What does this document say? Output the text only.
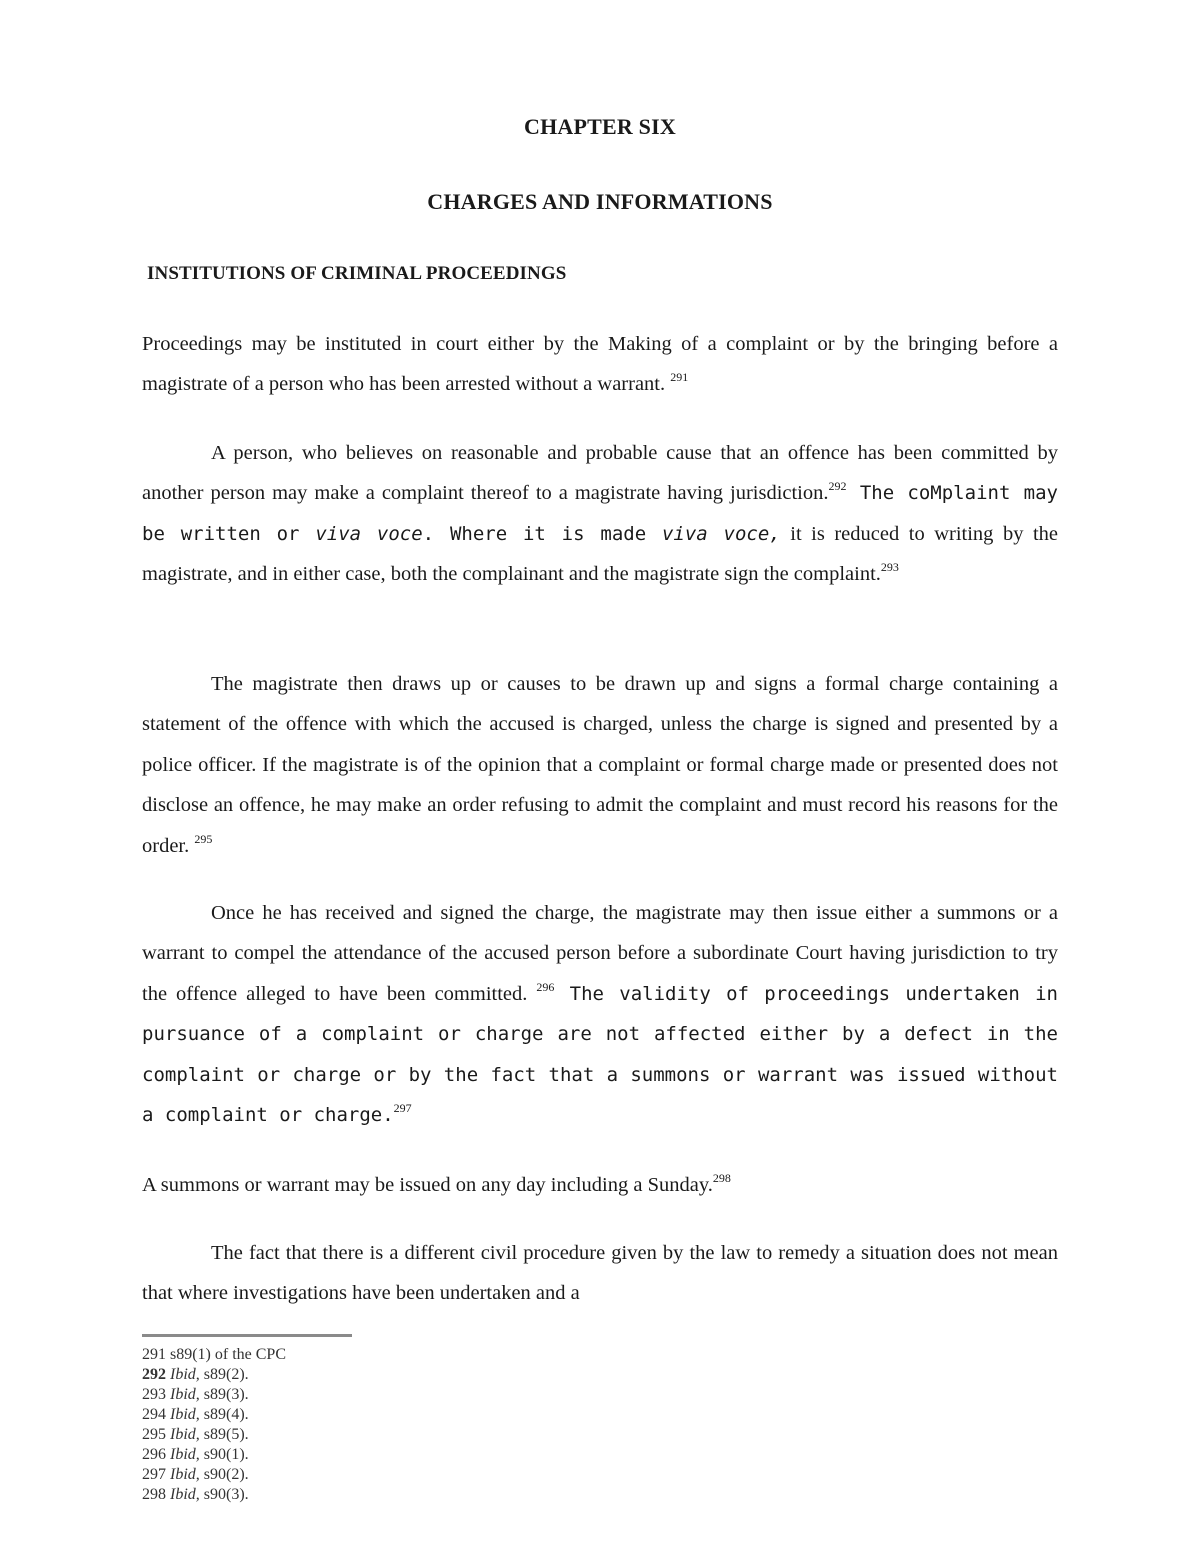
CHAPTER SIX
CHARGES AND INFORMATIONS
INSTITUTIONS OF CRIMINAL PROCEEDINGS

Proceedings may be instituted in court either by the Making of a complaint or by the bringing before a magistrate of a person who has been arrested without a warrant. $^{291}$

A person, who believes on reasonable and probable cause that an offence has been committed by another person may make a complaint thereof to a magistrate having jurisdiction.$^{292}$ The coMplaint may be written or viva voce. Where it is made viva voce, it is reduced to writing by the magistrate, and in either case, both the complainant and the magistrate sign the complaint.$^{293}$

The magistrate then draws up or causes to be drawn up and signs a formal charge containing a statement of the offence with which the accused is charged, unless the charge is signed and presented by a police officer. If the magistrate is of the opinion that a complaint or formal charge made or presented does not disclose an offence, he may make an order refusing to admit the complaint and must record his reasons for the order. $^{295}$

Once he has received and signed the charge, the magistrate may then issue either a summons or a warrant to compel the attendance of the accused person before a subordinate Court having jurisdiction to try the offence alleged to have been committed. $^{296}$ The validity of proceedings undertaken in pursuance of a complaint or charge are not affected either by a defect in the complaint or charge or by the fact that a summons or warrant was issued without a complaint or charge.$^{297}$

A summons or warrant may be issued on any day including a Sunday.$^{298}$

The fact that there is a different civil procedure given by the law to remedy a situation does not mean that where investigations have been undertaken and a

291 s89(1) of the CPC
292 Ibid, s89(2).
293 Ibid, s89(3).
294 Ibid, s89(4).
295 Ibid, s89(5).
296 Ibid, s90(1).
297 Ibid, s90(2).
298 Ibid, s90(3).
